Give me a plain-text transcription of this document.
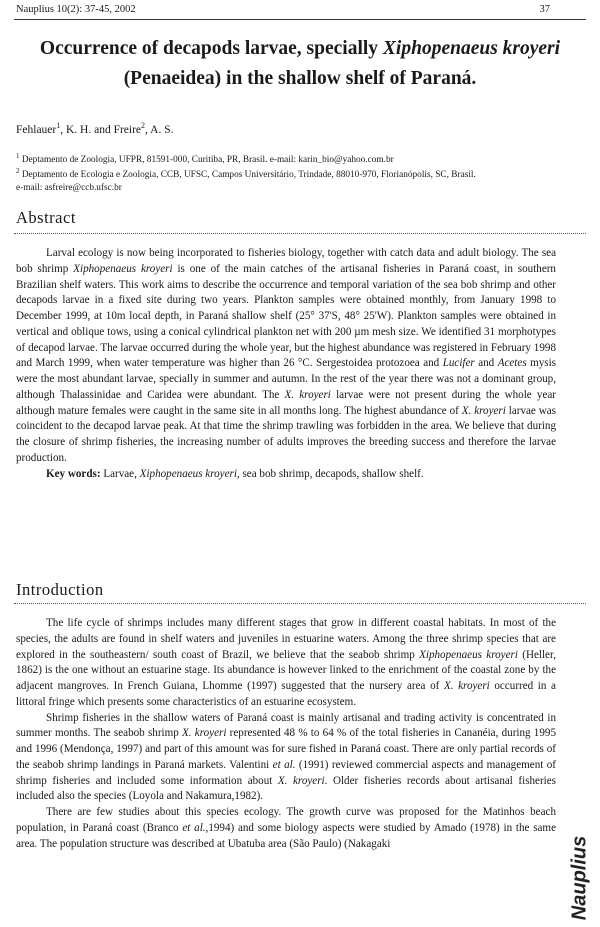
Nauplius 10(2): 37-45, 2002	37
Occurrence of decapods larvae, specially Xiphopenaeus kroyeri
(Penaeidea) in the shallow shelf of Paraná.
Fehlauer$^1$, K. H. and Freire$^2$, A. S.
$^1$ Deptamento de Zoologia, UFPR, 81591-000, Curitiba, PR, Brasil. e-mail: karin_bio@yahoo.com.br
$^2$ Deptamento de Ecologia e Zoologia, CCB, UFSC, Campos Universitário, Trindade, 88010-970, Florianópolis, SC, Brasil.
e-mail: asfreire@ccb.ufsc.br
Abstract

Larval ecology is now being incorporated to fisheries biology, together with catch data and adult biology. The sea bob shrimp Xiphopenaeus kroyeri is one of the main catches of the artisanal fisheries in Paraná coast, in southern Brazilian shelf waters. This work aims to describe the occurrence and temporal variation of the sea bob shrimp and other decapods larvae in a fixed site during two years. Plankton samples were obtained monthly, from January 1998 to December 1999, at 10m local depth, in Paraná shallow shelf (25° 37'S, 48° 25'W). Plankton samples were obtained in vertical and oblique tows, using a conical cylindrical plankton net with 200 µm mesh size. We identified 31 morphotypes of decapod larvae. The larvae occurred during the whole year, but the highest abundance was registered in February 1998 and March 1999, when water temperature was higher than 26 °C. Sergestoidea protozoea and Lucifer and Acetes mysis were the most abundant larvae, specially in summer and autumn. In the rest of the year there was not a dominant group, although Thalassinidae and Caridea were abundant. The X. kroyeri larvae were not present during the whole year although mature females were caught in the same site in all months long. The highest abundance of X. kroyeri larvae was coincident to the decapod larvae peak. At that time the shrimp trawling was forbidden in the area. We believe that during the closure of shrimp fisheries, the increasing number of adults improves the breeding success and therefore the larvae production.

Key words: Larvae, Xiphopenaeus kroyeri, sea bob shrimp, decapods, shallow shelf.

Introduction

The life cycle of shrimps includes many different stages that grow in different coastal habitats. In most of the species, the adults are found in shelf waters and juveniles in estuarine waters. Among the three shrimp species that are explored in the southeastern/ south coast of Brazil, we believe that the seabob shrimp Xiphopenaeus kroyeri (Heller, 1862) is the one without an estuarine stage. Its abundance is however linked to the enrichment of the coastal zone by the adjacent mangroves. In French Guiana, Lhomme (1997) suggested that the nursery area of X. kroyeri occurred in a littoral fringe which presents some characteristics of an estuarine ecosystem.

Shrimp fisheries in the shallow waters of Paraná coast is mainly artisanal and trading activity is concentrated in summer months. The seabob shrimp X. kroyeri represented 48 % to 64 % of the total fisheries in Cananéia, during 1995 and 1996 (Mendonça, 1997) and part of this amount was for sure fished in Paraná coast. There are only partial records of the seabob shrimp landings in Paraná markets. Valentini et al. (1991) reviewed commercial aspects and management of shrimp fisheries and included some information about X. kroyeri. Older fisheries records about artisanal fisheries included also the species (Loyola and Nakamura,1982).

There are few studies about this species ecology. The growth curve was proposed for the Matinhos beach population, in Paraná coast (Branco et al.,1994) and some biology aspects were studied by Amado (1978) in the same area. The population structure was described at Ubatuba area (São Paulo) (Nakagaki	Nauplius
